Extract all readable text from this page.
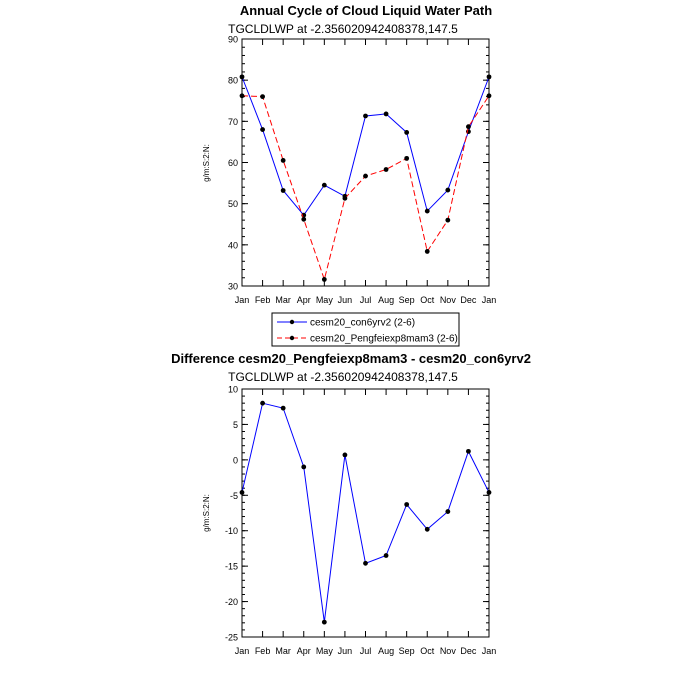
Annual Cycle of Cloud Liquid Water Path
TGCLDLWP at -2.356020942408378,147.5
g/m:S:2:N:
30
40
50
60
70
80
90
Jan Feb Mar Apr May Jun Jul Aug Sep Oct Nov Dec Jan
cesm20_con6yrv2 (2-6)
cesm20_Pengfeiexp8mam3 (2-6)
Difference cesm20_Pengfeiexp8mam3 - cesm20_con6yrv2
TGCLDLWP at -2.356020942408378,147.5
g/m:S:2:N:
-25
-20
-15
-10
-5
0
5
10
Jan Feb Mar Apr May Jun Jul Aug Sep Oct Nov Dec Jan
